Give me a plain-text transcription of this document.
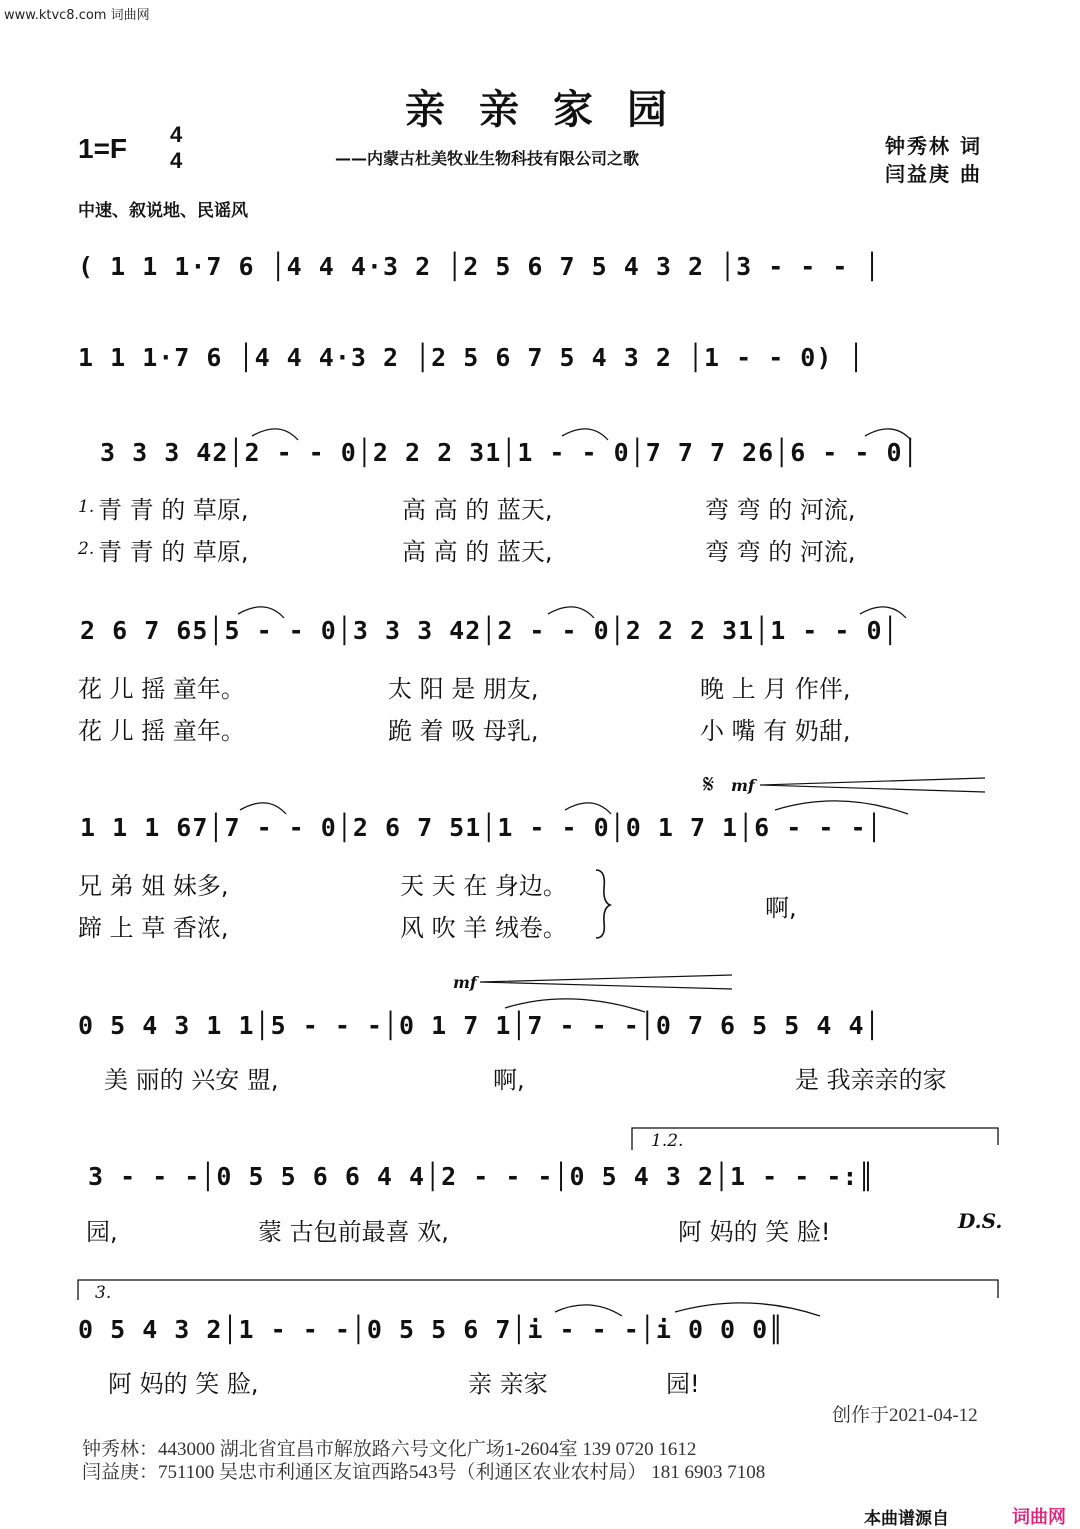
www.ktvc8.com 词曲网
亲亲家园
——内蒙古杜美牧业生物科技有限公司之歌
钟秀林 词
闫益庚 曲
1=F 4
4
中速、叙说地、民谣风
( 1 1 1·7 6 │4 4 4·3 2 │2 5 6 7 5 4 3 2 │3 - - - │
1 1 1·7 6 │4 4 4·3 2 │2 5 6 7 5 4 3 2 │1 - - 0) │
3 3 3 42│2 - - 0│2 2 2 31│1 - - 0│7 7 7 26│6 - - 0│
2 6 7 65│5 - - 0│3 3 3 42│2 - - 0│2 2 2 31│1 - - 0│
1 1 1 67│7 - - 0│2 6 7 51│1 - - 0│0 1 7 1│6 - - -│
0 5 4 3 1 1│5 - - -│0 1 7 1│7 - - -│0 7 6 5 5 4 4│
3 - - -│0 5 5 6 6 4 4│2 - - -│0 5 4 3 2│1 - - -:║
0 5 4 3 2│1 - - -│0 5 5 6 7│i - - -│i 0 0 0║
1.
2.
青 青 的 草原,	高 高 的 蓝天,	弯 弯 的 河流,
青 青 的 草原,	高 高 的 蓝天,	弯 弯 的 河流,
花 儿 摇 童年。	太 阳 是 朋友,	晚 上 月 作伴,
花 儿 摇 童年。	跪 着 吸 母乳,	小 嘴 有 奶甜,
兄 弟 姐 妹多,	天 天 在 身边。
蹄 上 草 香浓,	风 吹 羊 绒卷。
啊,
美 丽的 兴安 盟,	啊,	是 我亲亲的家
园,	蒙 古包前最喜 欢,	阿 妈的 笑 脸!
阿 妈的 笑 脸,	亲 亲家	园!
𝄋 mf
mf
D.S.
1.2.
3.
创作于2021-04-12
钟秀林：443000 湖北省宜昌市解放路六号文化广场1-2604室 139 0720 1612
闫益庚：751100 吴忠市利通区友谊西路543号（利通区农业农村局） 181 6903 7108
本曲谱源自	词曲网
